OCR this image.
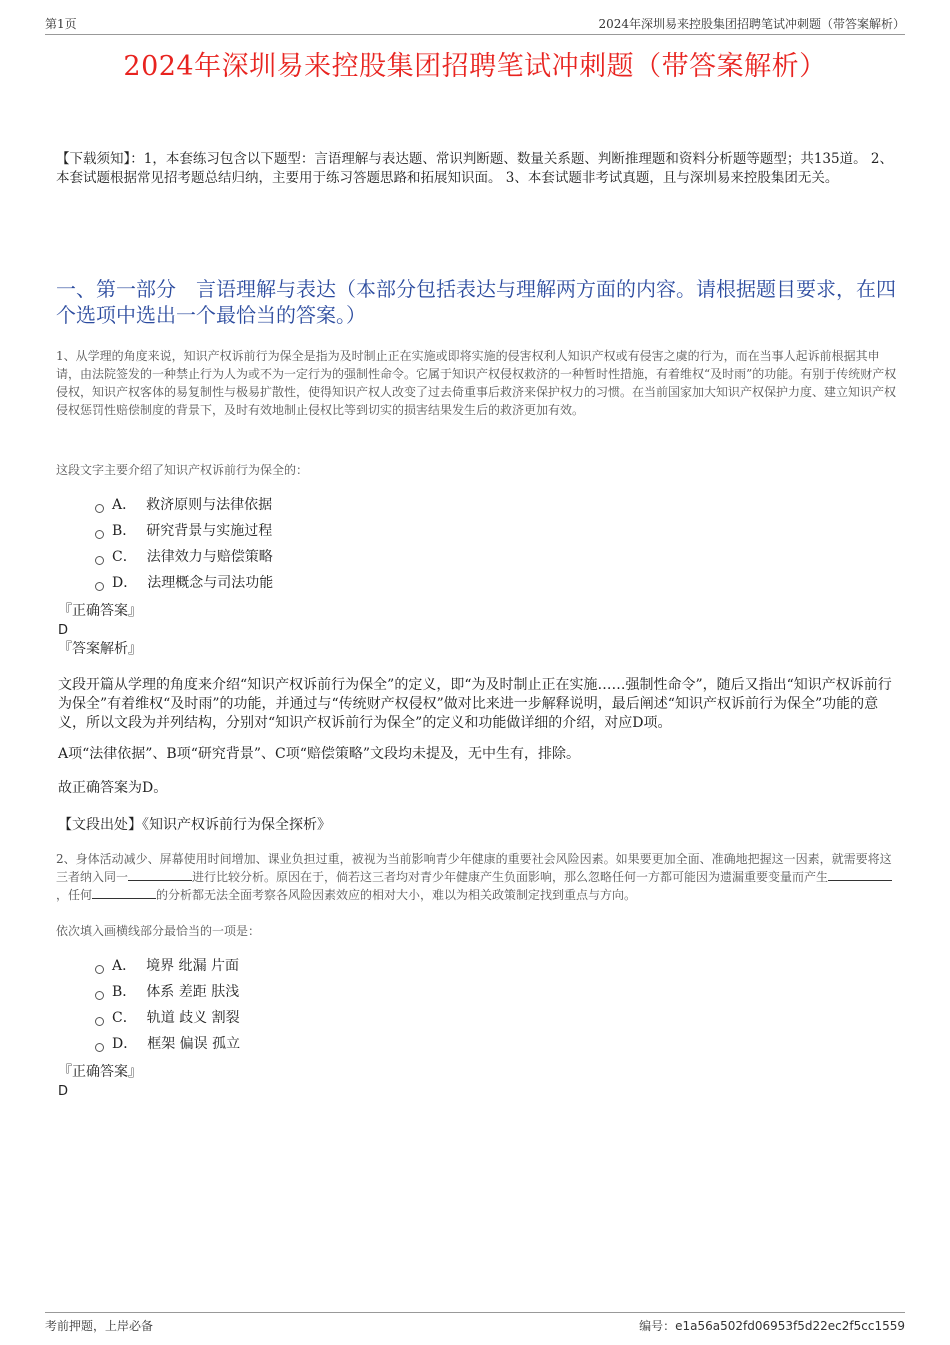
第1页	2024年深圳易来控股集团招聘笔试冲刺题（带答案解析）
2024年深圳易来控股集团招聘笔试冲刺题（带答案解析）
【下载须知】：1，本套练习包含以下题型：言语理解与表达题、常识判断题、数量关系题、判断推理题和资料分析题等题型；共135道。 2、本套试题根据常见招考题总结归纳，主要用于练习答题思路和拓展知识面。 3、本套试题非考试真题，且与深圳易来控股集团无关。
一、第一部分　言语理解与表达（本部分包括表达与理解两方面的内容。请根据题目要求，在四个选项中选出一个最恰当的答案。）
1、从学理的角度来说，知识产权诉前行为保全是指为及时制止正在实施或即将实施的侵害权利人知识产权或有侵害之虞的行为，而在当事人起诉前根据其申请，由法院签发的一种禁止行为人为或不为一定行为的强制性命令。它属于知识产权侵权救济的一种暂时性措施，有着维权“及时雨”的功能。有别于传统财产权侵权，知识产权客体的易复制性与极易扩散性，使得知识产权人改变了过去倚重事后救济来保护权力的习惯。在当前国家加大知识产权保护力度、建立知识产权侵权惩罚性赔偿制度的背景下，及时有效地制止侵权比等到切实的损害结果发生后的救济更加有效。
这段文字主要介绍了知识产权诉前行为保全的：
A． 救济原则与法律依据
B． 研究背景与实施过程
C． 法律效力与赔偿策略
D． 法理概念与司法功能
『正确答案』
D
『答案解析』
文段开篇从学理的角度来介绍“知识产权诉前行为保全”的定义，即“为及时制止正在实施……强制性命令”，随后又指出“知识产权诉前行为保全”有着维权“及时雨”的功能，并通过与“传统财产权侵权”做对比来进一步解释说明，最后阐述“知识产权诉前行为保全”功能的意义，所以文段为并列结构，分别对“知识产权诉前行为保全”的定义和功能做详细的介绍，对应D项。
A项“法律依据”、B项“研究背景”、C项“赔偿策略”文段均未提及，无中生有，排除。
故正确答案为D。
【文段出处】《知识产权诉前行为保全探析》
2、身体活动减少、屏幕使用时间增加、课业负担过重，被视为当前影响青少年健康的重要社会风险因素。如果要更加全面、准确地把握这一因素，就需要将这三者纳入同一	进行比较分析。原因在于，倘若这三者均对青少年健康产生负面影响，那么忽略任何一方都可能因为遗漏重要变量而产生，任何	的分析都无法全面考察各风险因素效应的相对大小，难以为相关政策制定找到重点与方向。
依次填入画横线部分最恰当的一项是：
A． 境界 纰漏 片面
B． 体系 差距 肤浅
C． 轨道 歧义 割裂
D． 框架 偏误 孤立
『正确答案』
D
考前押题，上岸必备	编号：e1a56a502fd06953f5d22ec2f5cc1559
